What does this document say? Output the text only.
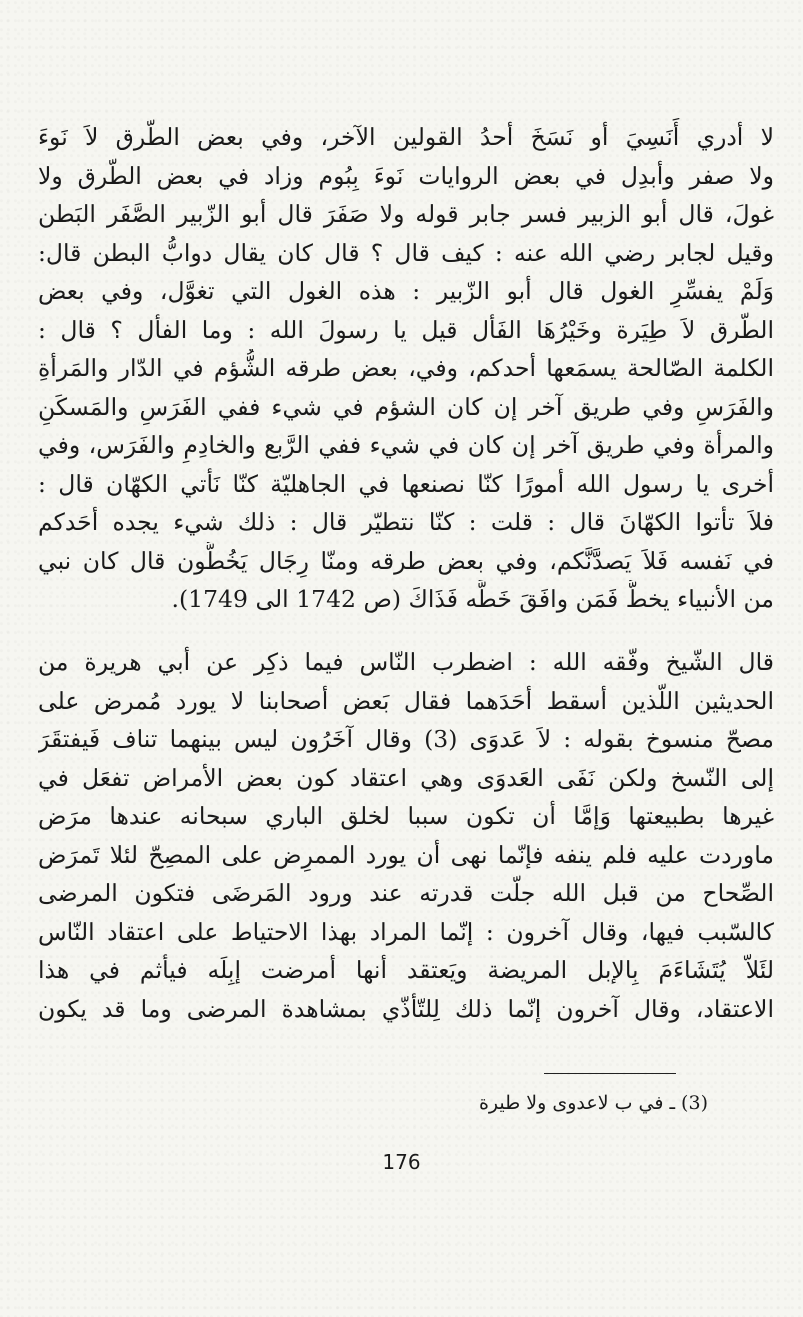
لا أدري أَنَسِيَ أو نَسَخَ أحدُ القولين الآخر، وفي بعض الطّرق لاَ نَوءَ
ولا صفر وأبدِل في بعض الروايات نَوءَ بِبُوم وزاد في بعض الطّرق ولا
غولَ، قال أبو الزبير فسر جابر قوله ولا صَفَرَ قال أبو الزّبير الصَّفَر البَطن
وقيل لجابر رضي الله عنه : كيف قال ؟ قال كان يقال دوابُّ البطن قال:
وَلَمْ يفسِّرِ الغول قال أبو الزّبير : هذه الغول التي تغوَّل، وفي بعض
الطّرق لاَ طِيَرة وخَيْرُهَا الفَأل قيل يا رسولَ الله : وما الفأل ؟ قال :
الكلمة الصّالحة يسمَعها أحدكم، وفي، بعض طرقه الشُّؤم في الدّار والمَرأةِ
والفَرَسِ وفي طريق آخر إن كان الشؤم في شيء ففي الفَرَسِ والمَسكَنِ
والمرأة وفي طريق آخر إن كان في شيء ففي الرَّبع والخادِمِ والفَرَس، وفي
أخرى يا رسول الله أمورًا كنّا نصنعها في الجاهليّة كنّا نَأتي الكهّان قال :
فلاَ تأتوا الكهّانَ قال : قلت : كنّا نتطيّر قال : ذلك شيء يجده أحَدكم
في نَفسه فَلاَ يَصدَّنَّكم، وفي بعض طرقه ومنّا رِجَال يَخُطُّون قال كان نبي
من الأنبياء يخطُّ فَمَن وافَقَ خَطَّه فَذَاكَ (ص 1742 الى 1749).
قال الشّيخ وفّقه الله : اضطرب النّاس فيما ذكِر عن أبي هريرة من
الحديثين اللّذين أسقط أحَدَهما فقال بَعض أصحابنا لا يورد مُمرض على
مصحّ منسوخ بقوله : لاَ عَدوَى (3) وقال آخَرُون ليس بينهما تناف فَيفتقَرَ
إلى النّسخ ولكن نَفَى العَدوَى وهي اعتقاد كون بعض الأمراض تفعَل في
غيرها بطبيعتها وَإمَّا أن تكون سببا لخلق الباري سبحانه عندها مرَض
ماوردت عليه فلم ينفه فإنّما نهى أن يورد الممرِض على المصِحّ لئلا تَمرَض
الصِّحاح من قبل الله جلّت قدرته عند ورود المَرضَى فتكون المرضى
كالسّبب فيها، وقال آخرون : إنّما المراد بهذا الاحتياط على اعتقاد النّاس
لئَلاّ يُتَشَاءَمَ بِالإبل المريضة ويَعتقد أنها أمرضت إبِلَه فيأثم في هذا
الاعتقاد، وقال آخرون إنّما ذلك لِلتّأذّي بمشاهدة المرضى وما قد يكون
(3) ـ في ب لاعدوى ولا طيرة
176
